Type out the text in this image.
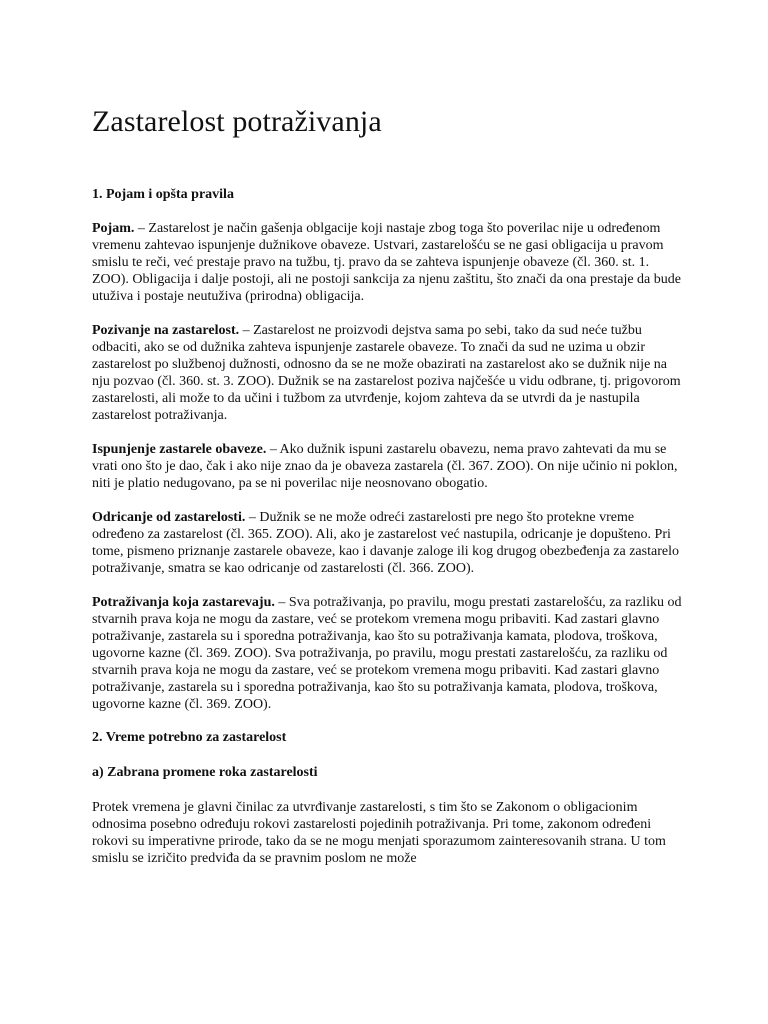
Zastarelost potraživanja
1. Pojam i opšta pravila

Pojam. – Zastarelost je način gašenja oblgacije koji nastaje zbog toga što poverilac nije u određenom vremenu zahtevao ispunjenje dužnikove obaveze. Ustvari, zastarelošću se ne gasi obligacija u pravom smislu te reči, već prestaje pravo na tužbu, tj. pravo da se zahteva ispunjenje obaveze (čl. 360. st. 1. ZOO). Obligacija i dalje postoji, ali ne postoji sankcija za njenu zaštitu, što znači da ona prestaje da bude utuživa i postaje neutuživa (prirodna) obligacija.

Pozivanje na zastarelost. – Zastarelost ne proizvodi dejstva sama po sebi, tako da sud neće tužbu odbaciti, ako se od dužnika zahteva ispunjenje zastarele obaveze. To znači da sud ne uzima u obzir zastarelost po službenoj dužnosti, odnosno da se ne može obazirati na zastarelost ako se dužnik nije na nju pozvao (čl. 360. st. 3. ZOO). Dužnik se na zastarelost poziva najčešće u vidu odbrane, tj. prigovorom zastarelosti, ali može to da učini i tužbom za utvrđenje, kojom zahteva da se utvrdi da je nastupila zastarelost potraživanja.

Ispunjenje zastarele obaveze. – Ako dužnik ispuni zastarelu obavezu, nema pravo zahtevati da mu se vrati ono što je dao, čak i ako nije znao da je obaveza zastarela (čl. 367. ZOO). On nije učinio ni poklon, niti je platio nedugovano, pa se ni poverilac nije neosnovano obogatio.

Odricanje od zastarelosti. – Dužnik se ne može odreći zastarelosti pre nego što protekne vreme određeno za zastarelost (čl. 365. ZOO). Ali, ako je zastarelost već nastupila, odricanje je dopušteno. Pri tome, pismeno priznanje zastarele obaveze, kao i davanje zaloge ili kog drugog obezbeđenja za zastarelo potraživanje, smatra se kao odricanje od zastarelosti (čl. 366. ZOO).

Potraživanja koja zastarevaju. – Sva potraživanja, po pravilu, mogu prestati zastarelošću, za razliku od stvarnih prava koja ne mogu da zastare, već se protekom vremena mogu pribaviti. Kad zastari glavno potraživanje, zastarela su i sporedna potraživanja, kao što su potraživanja kamata, plodova, troškova, ugovorne kazne (čl. 369. ZOO). Sva potraživanja, po pravilu, mogu prestati zastarelošću, za razliku od stvarnih prava koja ne mogu da zastare, već se protekom vremena mogu pribaviti. Kad zastari glavno potraživanje, zastarela su i sporedna potraživanja, kao što su potraživanja kamata, plodova, troškova, ugovorne kazne (čl. 369. ZOO).

2. Vreme potrebno za zastarelost
a) Zabrana promene roka zastarelosti

Protek vremena je glavni činilac za utvrđivanje zastarelosti, s tim što se Zakonom o obligacionim odnosima posebno određuju rokovi zastarelosti pojedinih potraživanja. Pri tome, zakonom određeni rokovi su imperativne prirode, tako da se ne mogu menjati sporazumom zainteresovanih strana. U tom smislu se izričito predviđa da se pravnim poslom ne može
